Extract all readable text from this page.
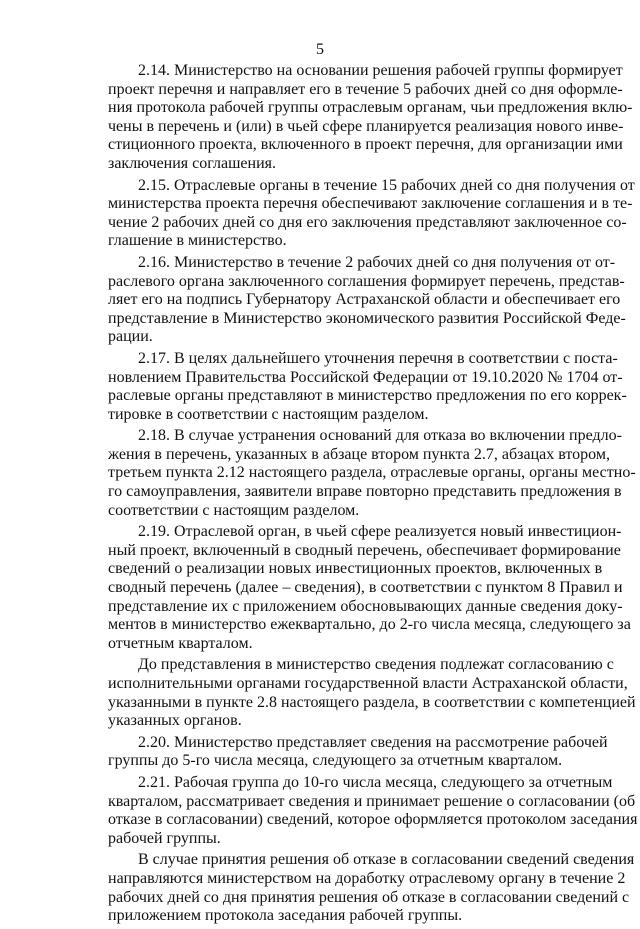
5
2.14. Министерство на основании решения рабочей группы формирует
проект перечня и направляет его в течение 5 рабочих дней со дня оформле-
ния протокола рабочей группы отраслевым органам, чьи предложения вклю-
чены в перечень и (или) в чьей сфере планируется реализация нового инве-
стиционного проекта, включенного в проект перечня, для организации ими
заключения соглашения.
2.15. Отраслевые органы в течение 15 рабочих дней со дня получения от
министерства проекта перечня обеспечивают заключение соглашения и в те-
чение 2 рабочих дней со дня его заключения представляют заключенное со-
глашение в министерство.
2.16. Министерство в течение 2 рабочих дней со дня получения от от-
раслевого органа заключенного соглашения формирует перечень, представ-
ляет его на подпись Губернатору Астраханской области и обеспечивает его
представление в Министерство экономического развития Российской Феде-
рации.
2.17. В целях дальнейшего уточнения перечня в соответствии с поста-
новлением Правительства Российской Федерации от 19.10.2020 № 1704 от-
раслевые органы представляют в министерство предложения по его коррек-
тировке в соответствии с настоящим разделом.
2.18. В случае устранения оснований для отказа во включении предло-
жения в перечень, указанных в абзаце втором пункта 2.7, абзацах втором,
третьем пункта 2.12 настоящего раздела, отраслевые органы, органы местно-
го самоуправления, заявители вправе повторно представить предложения в
соответствии с настоящим разделом.
2.19. Отраслевой орган, в чьей сфере реализуется новый инвестицион-
ный проект, включенный в сводный перечень, обеспечивает формирование
сведений о реализации новых инвестиционных проектов, включенных в
сводный перечень (далее – сведения), в соответствии с пунктом 8 Правил и
представление их с приложением обосновывающих данные сведения доку-
ментов в министерство ежеквартально, до 2-го числа месяца, следующего за
отчетным кварталом.
До представления в министерство сведения подлежат согласованию с
исполнительными органами государственной власти Астраханской области,
указанными в пункте 2.8 настоящего раздела, в соответствии с компетенцией
указанных органов.
2.20. Министерство представляет сведения на рассмотрение рабочей
группы до 5-го числа месяца, следующего за отчетным кварталом.
2.21. Рабочая группа до 10-го числа месяца, следующего за отчетным
кварталом, рассматривает сведения и принимает решение о согласовании (об
отказе в согласовании) сведений, которое оформляется протоколом заседания
рабочей группы.
В случае принятия решения об отказе в согласовании сведений сведения
направляются министерством на доработку отраслевому органу в течение 2
рабочих дней со дня принятия решения об отказе в согласовании сведений с
приложением протокола заседания рабочей группы.
